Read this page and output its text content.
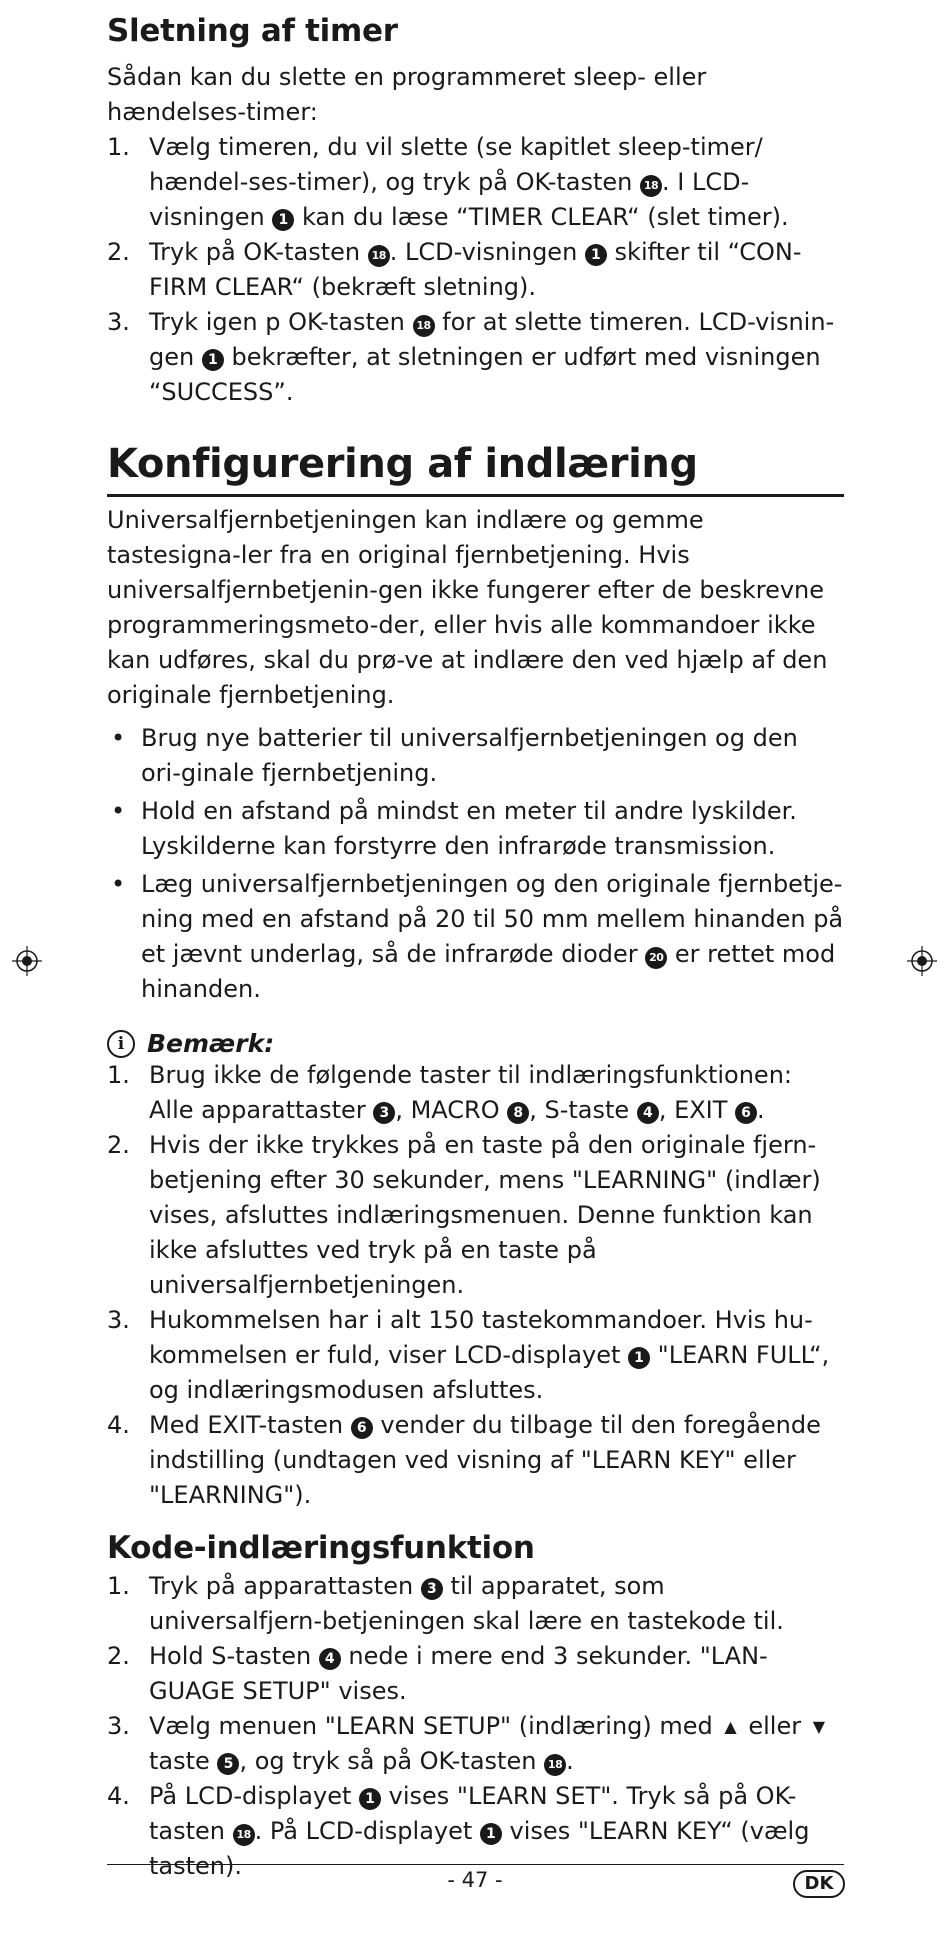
Sletning af timer

Sådan kan du slette en programmeret sleep- eller hændelses-timer:

1. Vælg timeren, du vil slette (se kapitlet sleep-timer/ hændel-ses-timer), og tryk på OK-tasten 18 . I LCD-visningen 1 kan du læse “TIMER CLEAR“ (slet timer).
2. Tryk på OK-tasten 18 . LCD-visningen 1 skifter til “CON-FIRM CLEAR“ (bekræft sletning).
3. Tryk igen p OK-tasten 18 for at slette timeren. LCD-visnin-gen 1 bekræfter, at sletningen er udført med visningen “SUCCESS”.
Konfigurering af indlæring

Universalfjernbetjeningen kan indlære og gemme tastesigna-ler fra en original fjernbetjening. Hvis universalfjernbetjenin-gen ikke fungerer efter de beskrevne programmeringsmeto-der, eller hvis alle kommandoer ikke kan udføres, skal du prø-ve at indlære den ved hjælp af den originale fjernbetjening.

• Brug nye batterier til universalfjernbetjeningen og den ori-ginale fjernbetjening.
• Hold en afstand på mindst en meter til andre lyskilder. Lyskilderne kan forstyrre den infrarøde transmission.
• Læg universalfjernbetjeningen og den originale fjernbetje-ning med en afstand på 20 til 50 mm mellem hinanden på et jævnt underlag, så de infrarøde dioder 20 er rettet mod hinanden.
i Bemærk:
1. Brug ikke de følgende taster til indlæringsfunktionen:
Alle apparattaster 3 , MACRO 8 , S-taste 4 , EXIT 6 .
2. Hvis der ikke trykkes på en taste på den originale fjern-betjening efter 30 sekunder, mens "LEARNING" (indlær) vises, afsluttes indlæringsmenuen. Denne funktion kan ikke afsluttes ved tryk på en taste på universalfjernbetjeningen.
3. Hukommelsen har i alt 150 tastekommandoer. Hvis hu-kommelsen er fuld, viser LCD-displayet 1 "LEARN FULL“, og indlæringsmodusen afsluttes.
4. Med EXIT-tasten 6 vender du tilbage til den foregående indstilling (undtagen ved visning af "LEARN KEY" eller "LEARNING").
Kode-indlæringsfunktion
1. Tryk på apparattasten 3 til apparatet, som universalfjern-betjeningen skal lære en tastekode til.
2. Hold S-tasten 4 nede i mere end 3 sekunder. "LAN-GUAGE SETUP" vises.
3. Vælg menuen "LEARN SETUP" (indlæring) med ▲ eller ▼ taste 5 , og tryk så på OK-tasten 18 .
4. På LCD-displayet 1 vises "LEARN SET". Tryk så på OK-tasten 18 . På LCD-displayet 1 vises "LEARN KEY“ (vælg tasten).	- 47 -	DK
